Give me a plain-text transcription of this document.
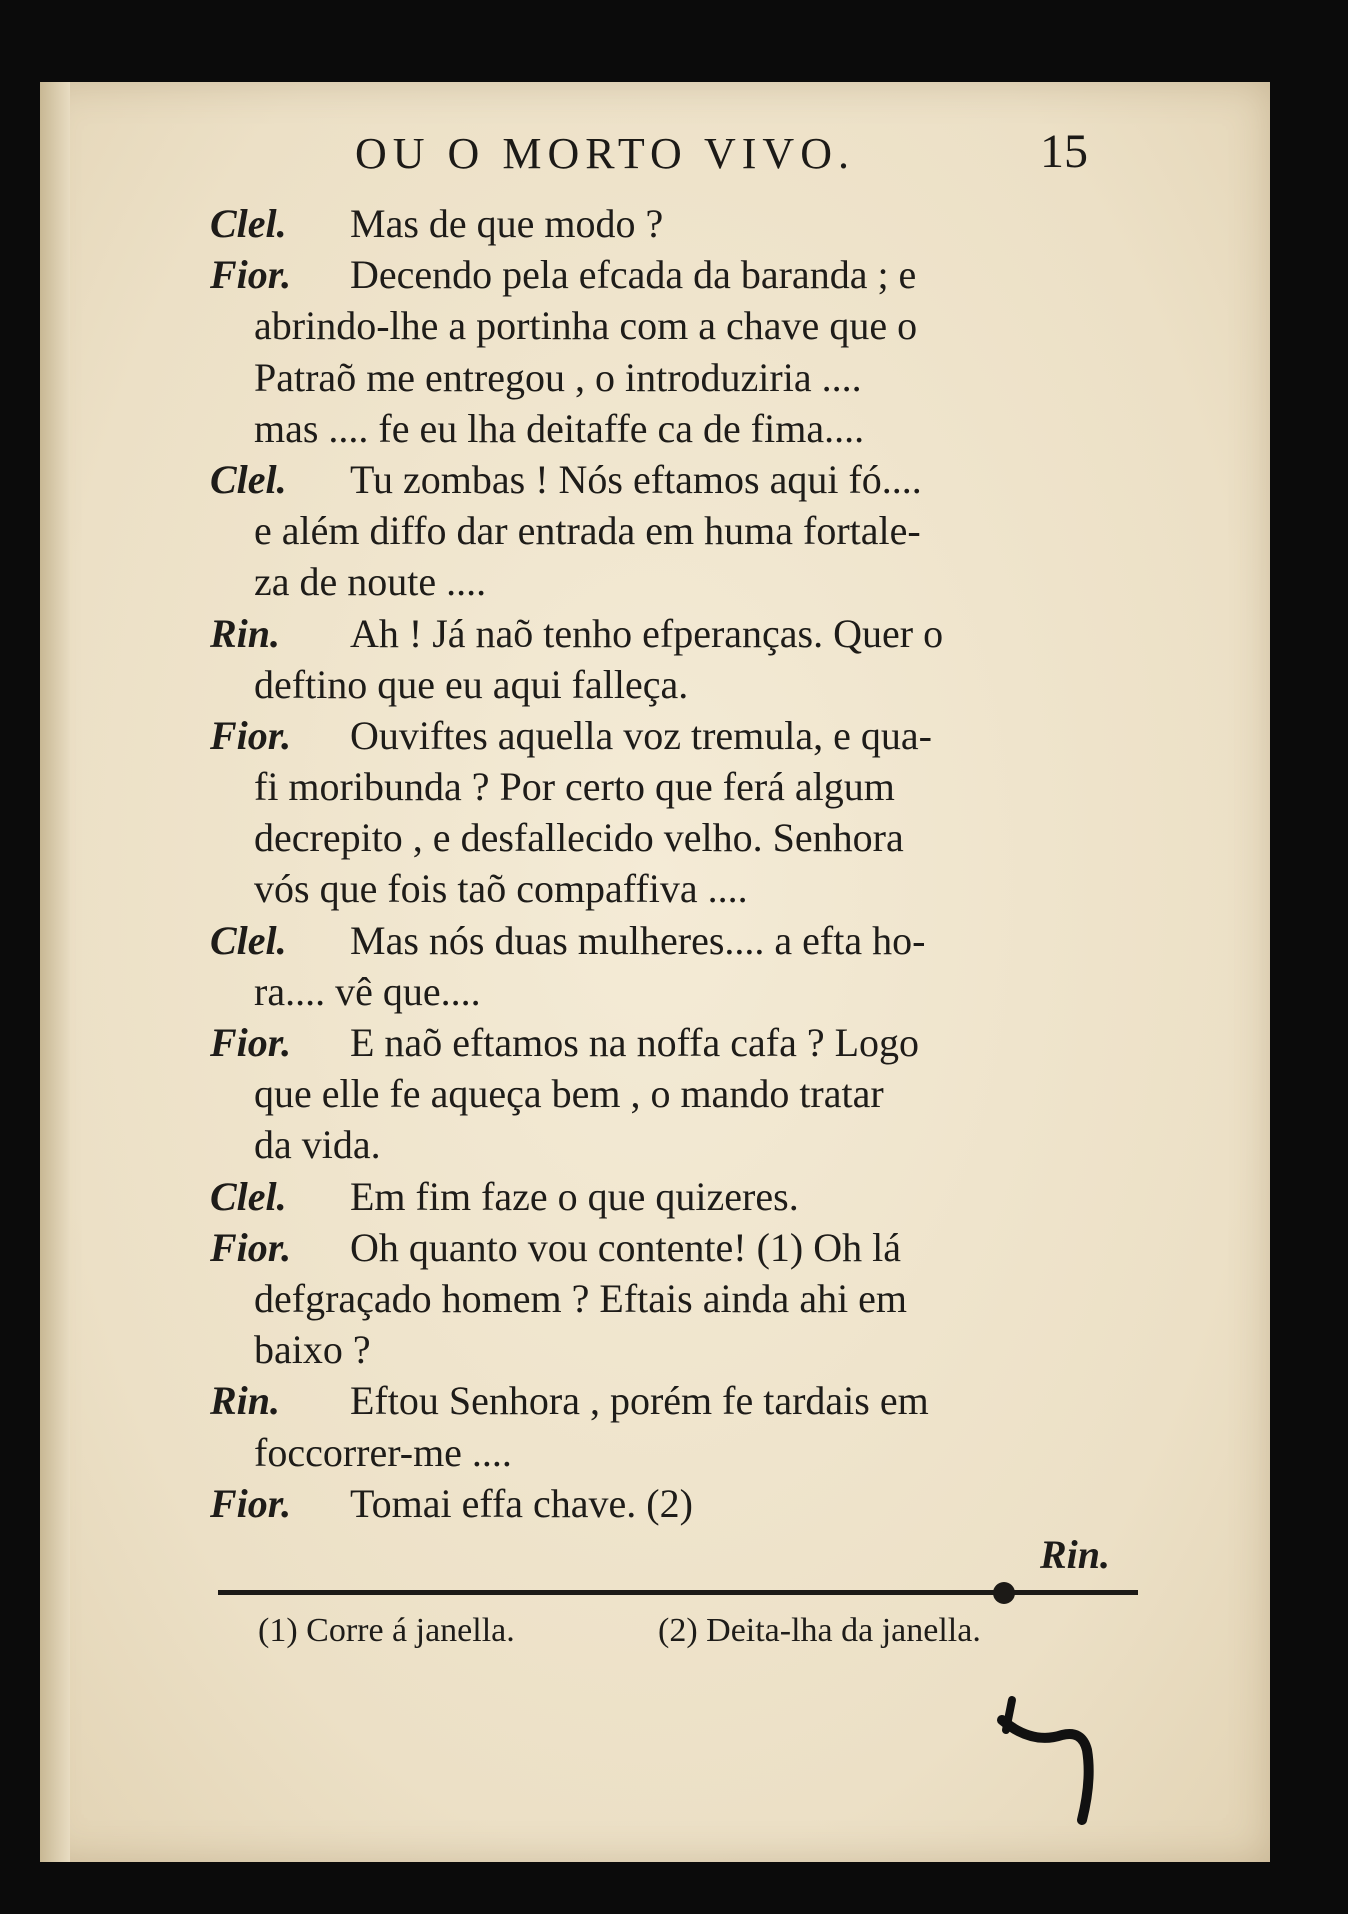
OU O MORTO VIVO.	15
Clel. Mas de que modo ?
Fior. Decendo pela efcada da baranda ; e
abrindo-lhe a portinha com a chave que o
Patraõ me entregou , o introduziria ....
mas .... fe eu lha deitaffe ca de fima....
Clel. Tu zombas ! Nós eftamos aqui fó....
e além diffo dar entrada em huma fortale-
za de noute ....
Rin. Ah ! Já naõ tenho efperanças. Quer o
deftino que eu aqui falleça.
Fior. Ouviftes aquella voz tremula, e qua-
fi moribunda ? Por certo que ferá algum
decrepito , e desfallecido velho. Senhora
vós que fois taõ compaffiva ....
Clel. Mas nós duas mulheres.... a efta ho-
ra.... vê que....
Fior. E naõ eftamos na noffa cafa ? Logo
que elle fe aqueça bem , o mando tratar
da vida.
Clel. Em fim faze o que quizeres.
Fior. Oh quanto vou contente! (1) Oh lá
defgraçado homem ? Eftais ainda ahi em
baixo ?
Rin. Eftou Senhora , porém fe tardais em
foccorrer-me ....
Fior. Tomai effa chave. (2)
Rin.
(1) Corre á janella.	(2) Deita-lha da janella.
